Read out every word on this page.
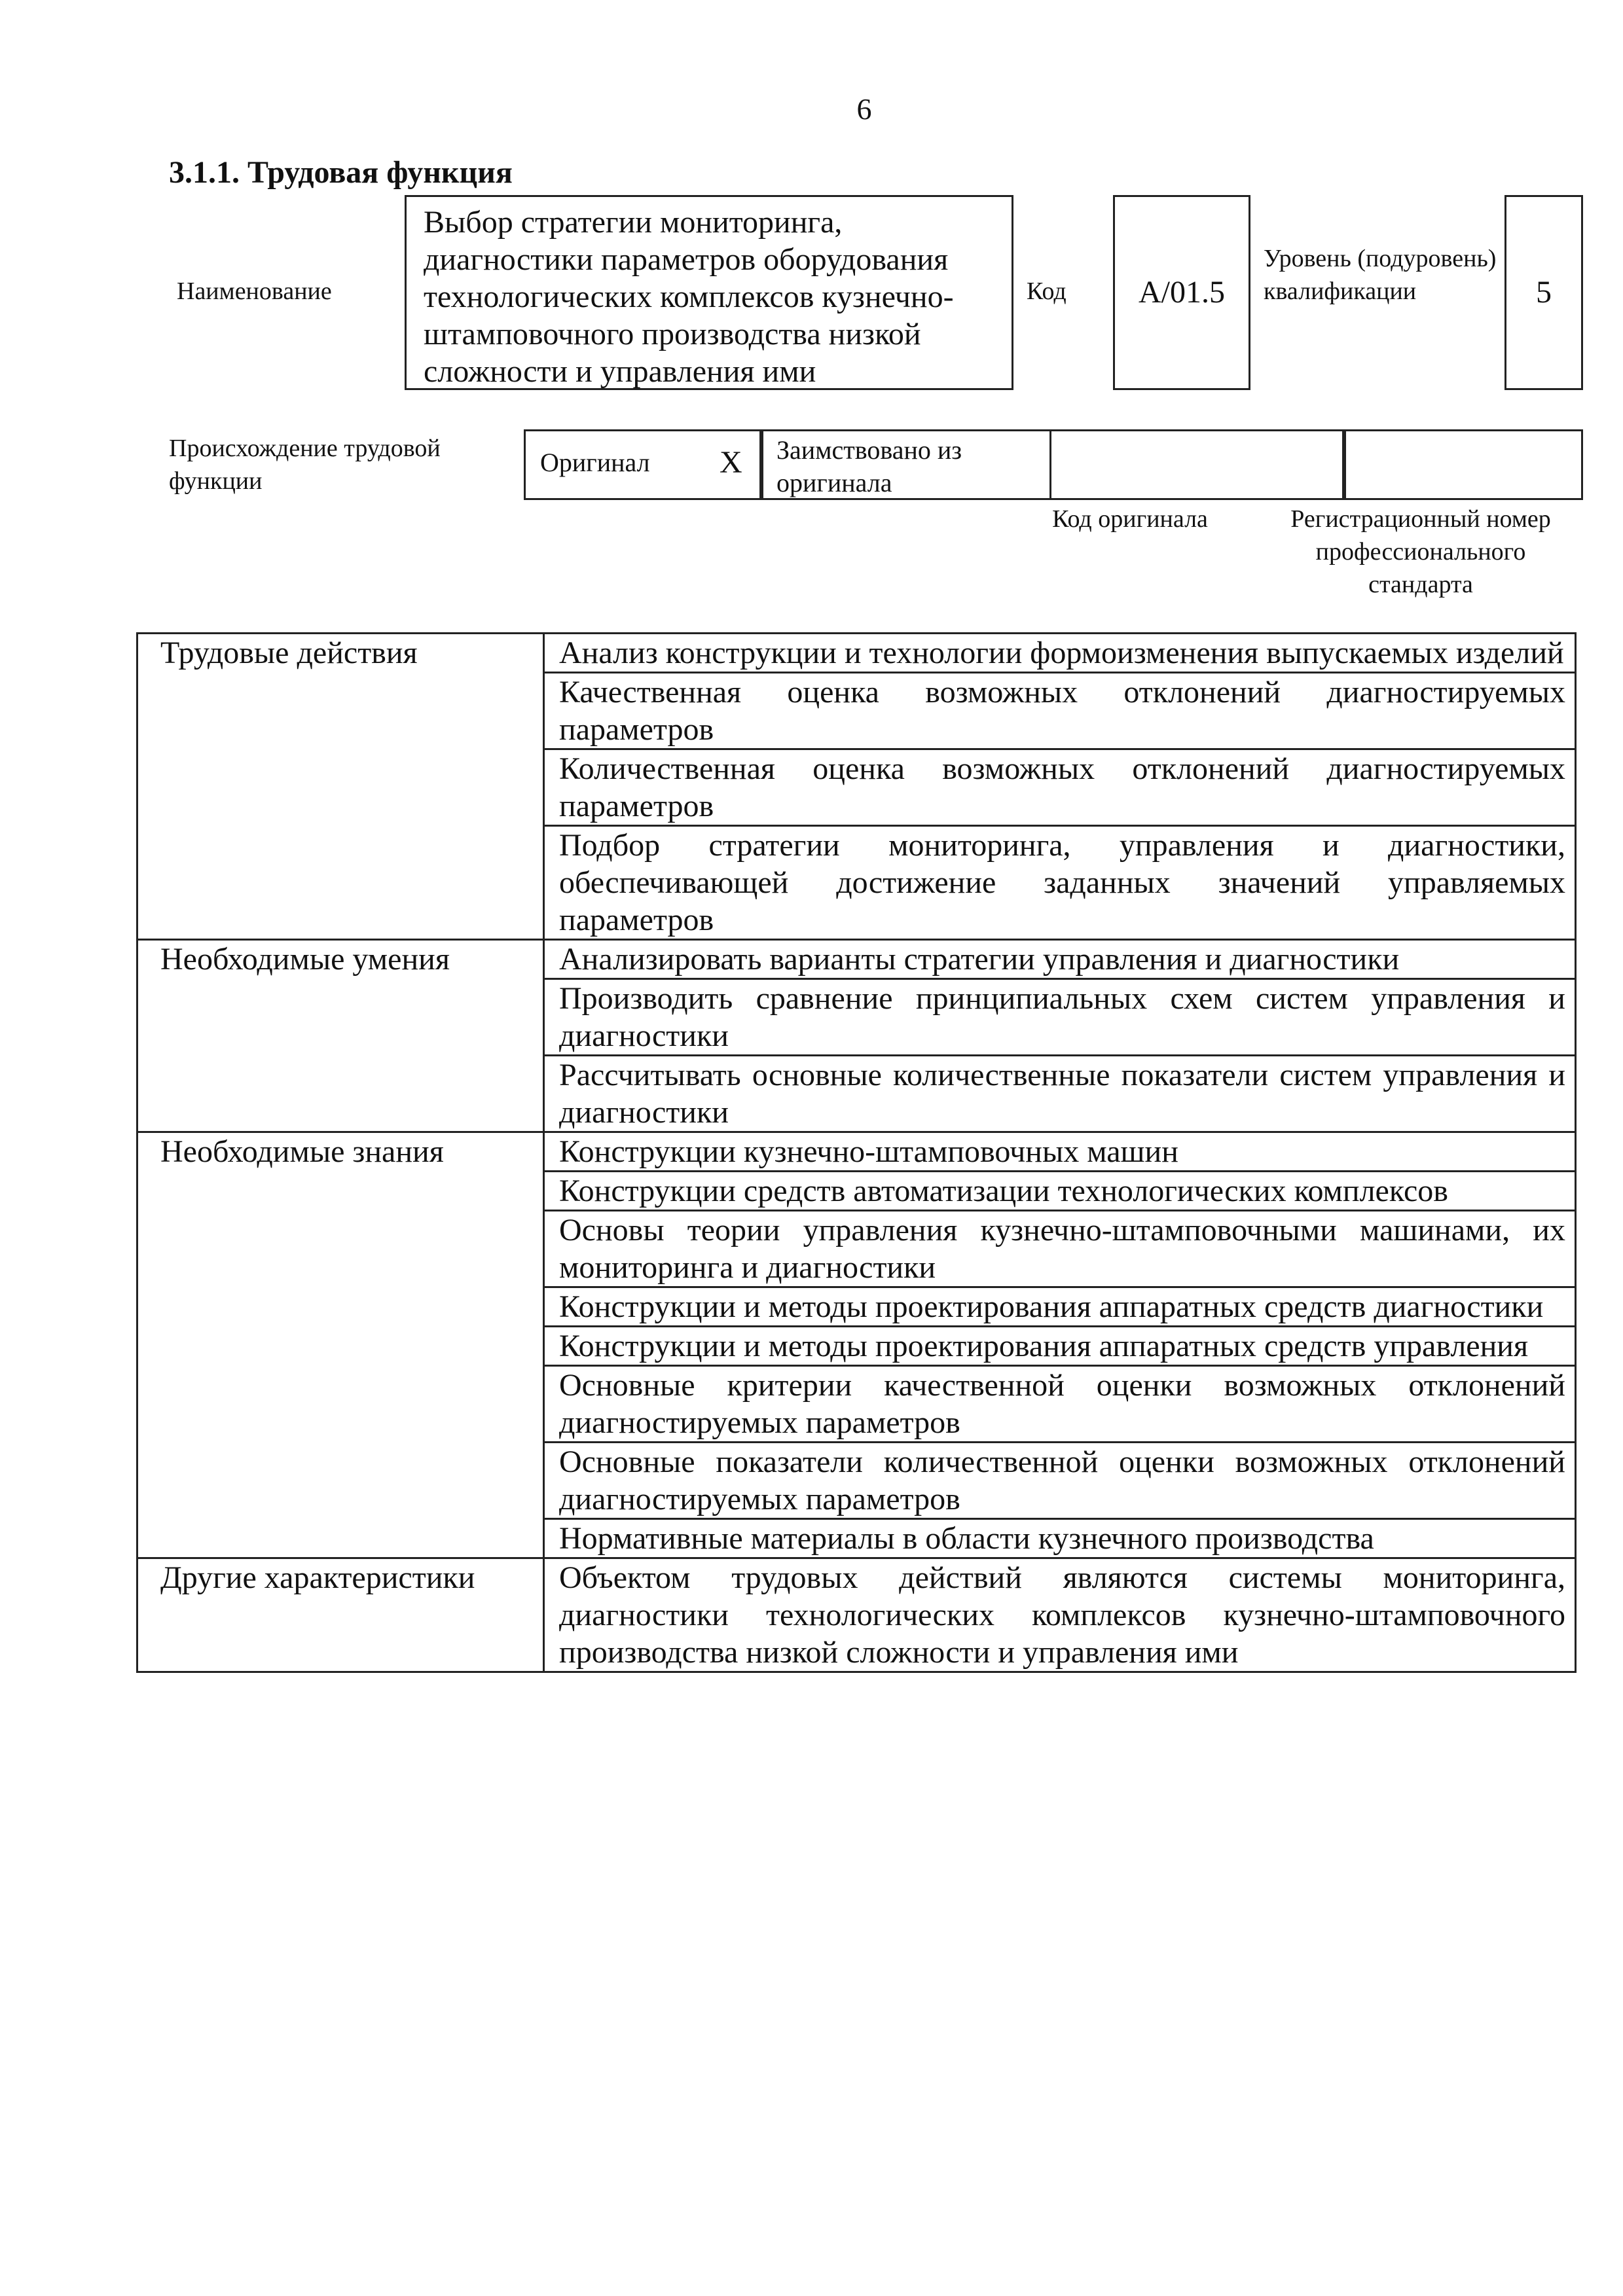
6
3.1.1. Трудовая функция
Наименование
Выбор стратегии мониторинга, диагностики параметров оборудования технологических комплексов кузнечно-штамповочного производства низкой сложности и управления ими
Код	A/01.5
Уровень (подуровень) квалификации	5
Происхождение трудовой функции
Оригинал X Заимствовано из оригинала
Код оригинала	Регистрационный номер профессионального стандарта
Трудовые действия	Анализ конструкции и технологии формоизменения выпускаемых изделий
	Качественная оценка возможных отклонений диагностируемых параметров
	Количественная оценка возможных отклонений диагностируемых параметров
	Подбор стратегии мониторинга, управления и диагностики, обеспечивающей достижение заданных значений управляемых параметров
Необходимые умения	Анализировать варианты стратегии управления и диагностики
	Производить сравнение принципиальных схем систем управления и диагностики
	Рассчитывать основные количественные показатели систем управления и диагностики
Необходимые знания	Конструкции кузнечно-штамповочных машин
	Конструкции средств автоматизации технологических комплексов
	Основы теории управления кузнечно-штамповочными машинами, их мониторинга и диагностики
	Конструкции и методы проектирования аппаратных средств диагностики
	Конструкции и методы проектирования аппаратных средств управления
	Основные критерии качественной оценки возможных отклонений диагностируемых параметров
	Основные показатели количественной оценки возможных отклонений диагностируемых параметров
	Нормативные материалы в области кузнечного производства
Другие характеристики	Объектом трудовых действий являются системы мониторинга, диагностики технологических комплексов кузнечно-штамповочного производства низкой сложности и управления ими
